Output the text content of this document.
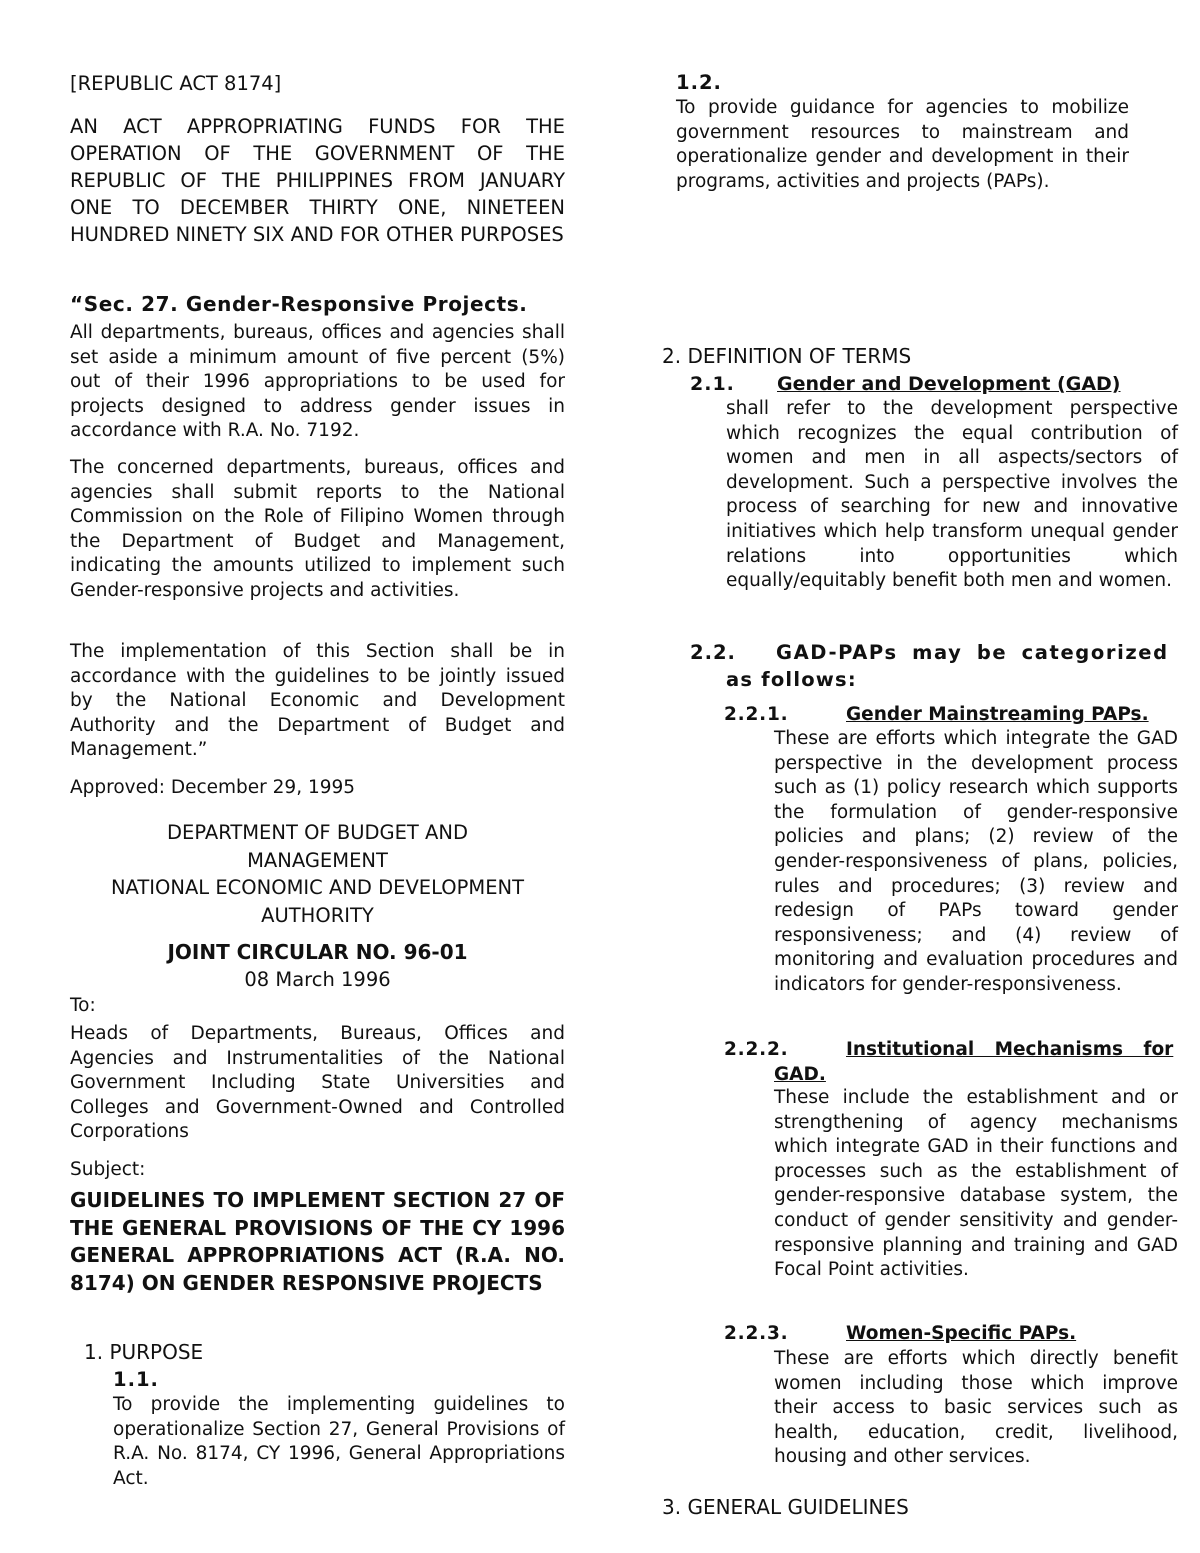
[REPUBLIC ACT 8174]
AN ACT APPROPRIATING FUNDS FOR THE OPERATION OF THE GOVERNMENT OF THE REPUBLIC OF THE PHILIPPINES FROM JANUARY ONE TO DECEMBER THIRTY ONE, NINETEEN HUNDRED NINETY SIX AND FOR OTHER PURPOSES
“Sec. 27. Gender-Responsive Projects.
All departments, bureaus, offices and agencies shall set aside a minimum amount of five percent (5%) out of their 1996 appropriations to be used for projects designed to address gender issues in accordance with R.A. No. 7192.
The concerned departments, bureaus, offices and agencies shall submit reports to the National Commission on the Role of Filipino Women through the Department of Budget and Management, indicating the amounts utilized to implement such Gender-responsive projects and activities.
The implementation of this Section shall be in accordance with the guidelines to be jointly issued by the National Economic and Development Authority and the Department of Budget and Management.”
Approved: December 29, 1995
DEPARTMENT OF BUDGET AND
MANAGEMENT
NATIONAL ECONOMIC AND DEVELOPMENT
AUTHORITY
JOINT CIRCULAR NO. 96-01
08 March 1996
To:
Heads of Departments, Bureaus, Offices and Agencies and Instrumentalities of the National Government Including State Universities and Colleges and Government-Owned and Controlled Corporations
Subject:
GUIDELINES TO IMPLEMENT SECTION 27 OF THE GENERAL PROVISIONS OF THE CY 1996 GENERAL APPROPRIATIONS ACT (R.A. NO. 8174) ON GENDER RESPONSIVE PROJECTS
1. PURPOSE
1.1.
To provide the implementing guidelines to operationalize Section 27, General Provisions of R.A. No. 8174, CY 1996, General Appropriations Act.
1.2.
To provide guidance for agencies to mobilize government resources to mainstream and operationalize gender and development in their programs, activities and projects (PAPs).
2. DEFINITION OF TERMS
2.1. Gender and Development (GAD)
shall refer to the development perspective which recognizes the equal contribution of women and men in all aspects/sectors of development. Such a perspective involves the process of searching for new and innovative initiatives which help transform unequal gender relations into opportunities which equally/equitably benefit both men and women.
2.2.	GAD-PAPs may be categorized
as follows:
2.2.1.	Gender Mainstreaming PAPs.
These are efforts which integrate the GAD perspective in the development process such as (1) policy research which supports the formulation of gender-responsive policies and plans; (2) review of the gender-responsiveness of plans, policies, rules and procedures; (3) review and redesign of PAPs toward gender responsiveness; and (4) review of monitoring and evaluation procedures and indicators for gender-responsiveness.
2.2.2.	Institutional Mechanisms for
GAD.
These include the establishment and or strengthening of agency mechanisms which integrate GAD in their functions and processes such as the establishment of gender-responsive database system, the conduct of gender sensitivity and gender-responsive planning and training and GAD Focal Point activities.
2.2.3.	Women-Specific PAPs.
These are efforts which directly benefit women including those which improve their access to basic services such as health, education, credit, livelihood, housing and other services.
3. GENERAL GUIDELINES
